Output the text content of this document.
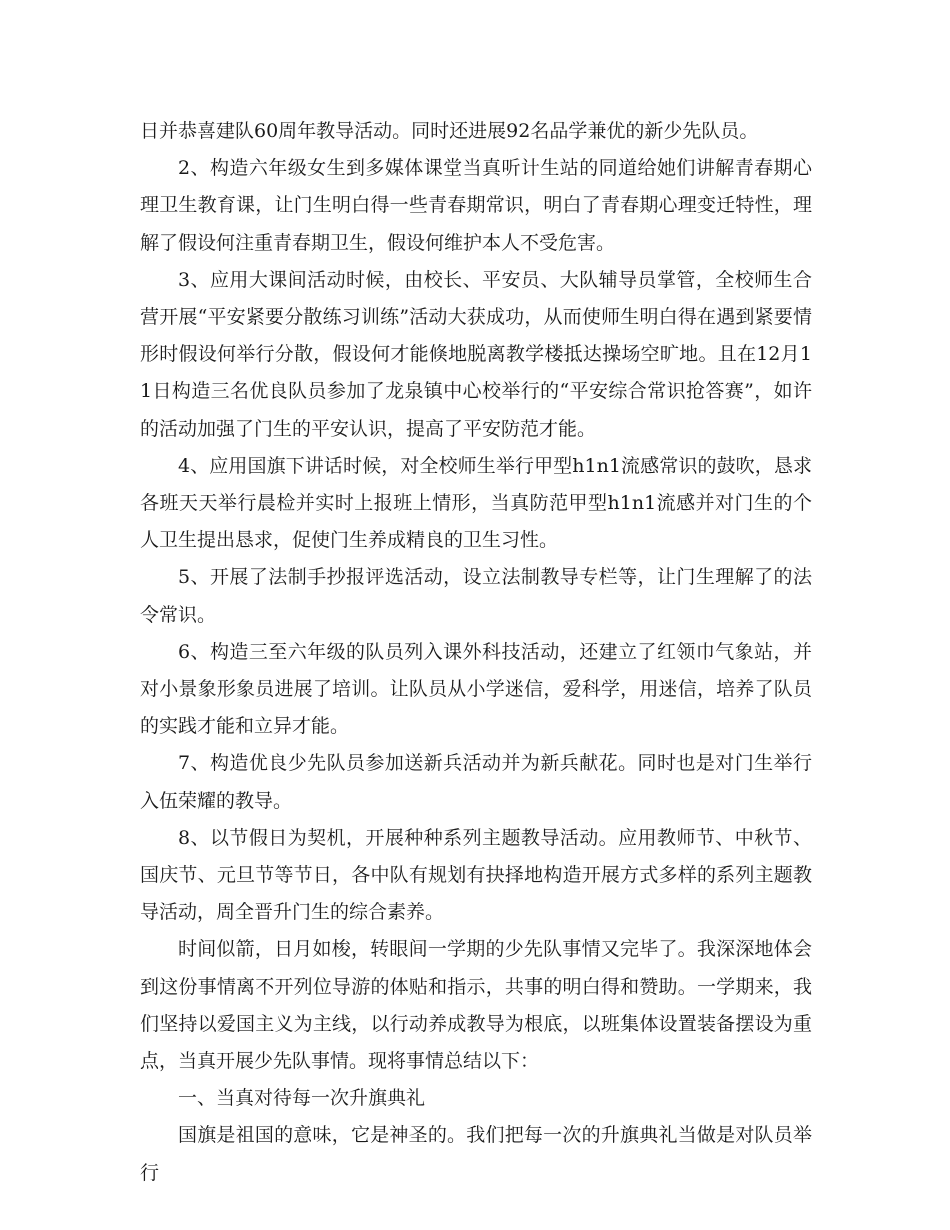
日并恭喜建队60周年教导活动。同时还进展92名品学兼优的新少先队员。

2、构造六年级女生到多媒体课堂当真听计生站的同道给她们讲解青春期心理卫生教育课，让门生明白得一些青春期常识，明白了青春期心理变迁特性，理解了假设何注重青春期卫生，假设何维护本人不受危害。

3、应用大课间活动时候，由校长、平安员、大队辅导员掌管，全校师生合营开展“平安紧要分散练习训练”活动大获成功，从而使师生明白得在遇到紧要情形时假设何举行分散，假设何才能倏地脱离教学楼抵达操场空旷地。且在12月11日构造三名优良队员参加了龙泉镇中心校举行的“平安综合常识抢答赛”，如许的活动加强了门生的平安认识，提高了平安防范才能。

4、应用国旗下讲话时候，对全校师生举行甲型h1n1流感常识的鼓吹，恳求各班天天举行晨检并实时上报班上情形，当真防范甲型h1n1流感并对门生的个人卫生提出恳求，促使门生养成精良的卫生习性。

5、开展了法制手抄报评选活动，设立法制教导专栏等，让门生理解了的法令常识。

6、构造三至六年级的队员列入课外科技活动，还建立了红领巾气象站，并对小景象形象员进展了培训。让队员从小学迷信，爱科学，用迷信，培养了队员的实践才能和立异才能。

7、构造优良少先队员参加送新兵活动并为新兵献花。同时也是对门生举行入伍荣耀的教导。

8、以节假日为契机，开展种种系列主题教导活动。应用教师节、中秋节、国庆节、元旦节等节日，各中队有规划有抉择地构造开展方式多样的系列主题教导活动，周全晋升门生的综合素养。

时间似箭，日月如梭，转眼间一学期的少先队事情又完毕了。我深深地体会到这份事情离不开列位导游的体贴和指示，共事的明白得和赞助。一学期来，我们坚持以爱国主义为主线，以行动养成教导为根底，以班集体设置装备摆设为重点，当真开展少先队事情。现将事情总结以下：

一、当真对待每一次升旗典礼

国旗是祖国的意味，它是神圣的。我们把每一次的升旗典礼当做是对队员举行
